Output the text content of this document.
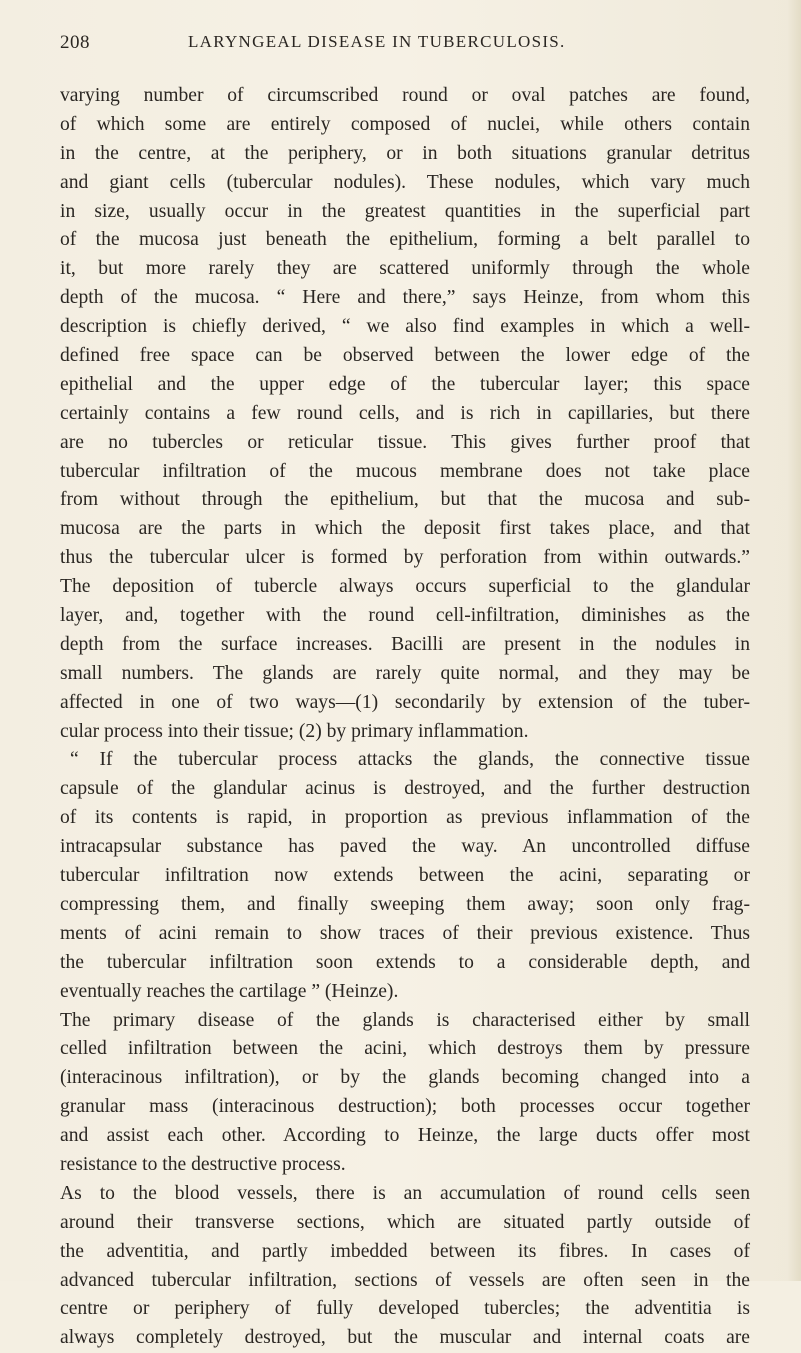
208	LARYNGEAL DISEASE IN TUBERCULOSIS.
varying number of circumscribed round or oval patches are found,
of which some are entirely composed of nuclei, while others contain
in the centre, at the periphery, or in both situations granular detritus
and giant cells (tubercular nodules). These nodules, which vary much
in size, usually occur in the greatest quantities in the superficial part
of the mucosa just beneath the epithelium, forming a belt parallel to
it, but more rarely they are scattered uniformly through the whole
depth of the mucosa. “ Here and there,” says Heinze, from whom this
description is chiefly derived, “ we also find examples in which a well-
defined free space can be observed between the lower edge of the
epithelial and the upper edge of the tubercular layer; this space
certainly contains a few round cells, and is rich in capillaries, but there
are no tubercles or reticular tissue. This gives further proof that
tubercular infiltration of the mucous membrane does not take place
from without through the epithelium, but that the mucosa and sub-
mucosa are the parts in which the deposit first takes place, and that
thus the tubercular ulcer is formed by perforation from within outwards.”
The deposition of tubercle always occurs superficial to the glandular
layer, and, together with the round cell-infiltration, diminishes as the
depth from the surface increases. Bacilli are present in the nodules in
small numbers. The glands are rarely quite normal, and they may be
affected in one of two ways—(1) secondarily by extension of the tuber-
cular process into their tissue; (2) by primary inflammation.
“ If the tubercular process attacks the glands, the connective tissue
capsule of the glandular acinus is destroyed, and the further destruction
of its contents is rapid, in proportion as previous inflammation of the
intracapsular substance has paved the way. An uncontrolled diffuse
tubercular infiltration now extends between the acini, separating or
compressing them, and finally sweeping them away; soon only frag-
ments of acini remain to show traces of their previous existence. Thus
the tubercular infiltration soon extends to a considerable depth, and
eventually reaches the cartilage ” (Heinze).
The primary disease of the glands is characterised either by small
celled infiltration between the acini, which destroys them by pressure
(interacinous infiltration), or by the glands becoming changed into a
granular mass (interacinous destruction); both processes occur together
and assist each other. According to Heinze, the large ducts offer most
resistance to the destructive process.
As to the blood vessels, there is an accumulation of round cells seen
around their transverse sections, which are situated partly outside of
the adventitia, and partly imbedded between its fibres. In cases of
advanced tubercular infiltration, sections of vessels are often seen in the
centre or periphery of fully developed tubercles; the adventitia is
always completely destroyed, but the muscular and internal coats are
